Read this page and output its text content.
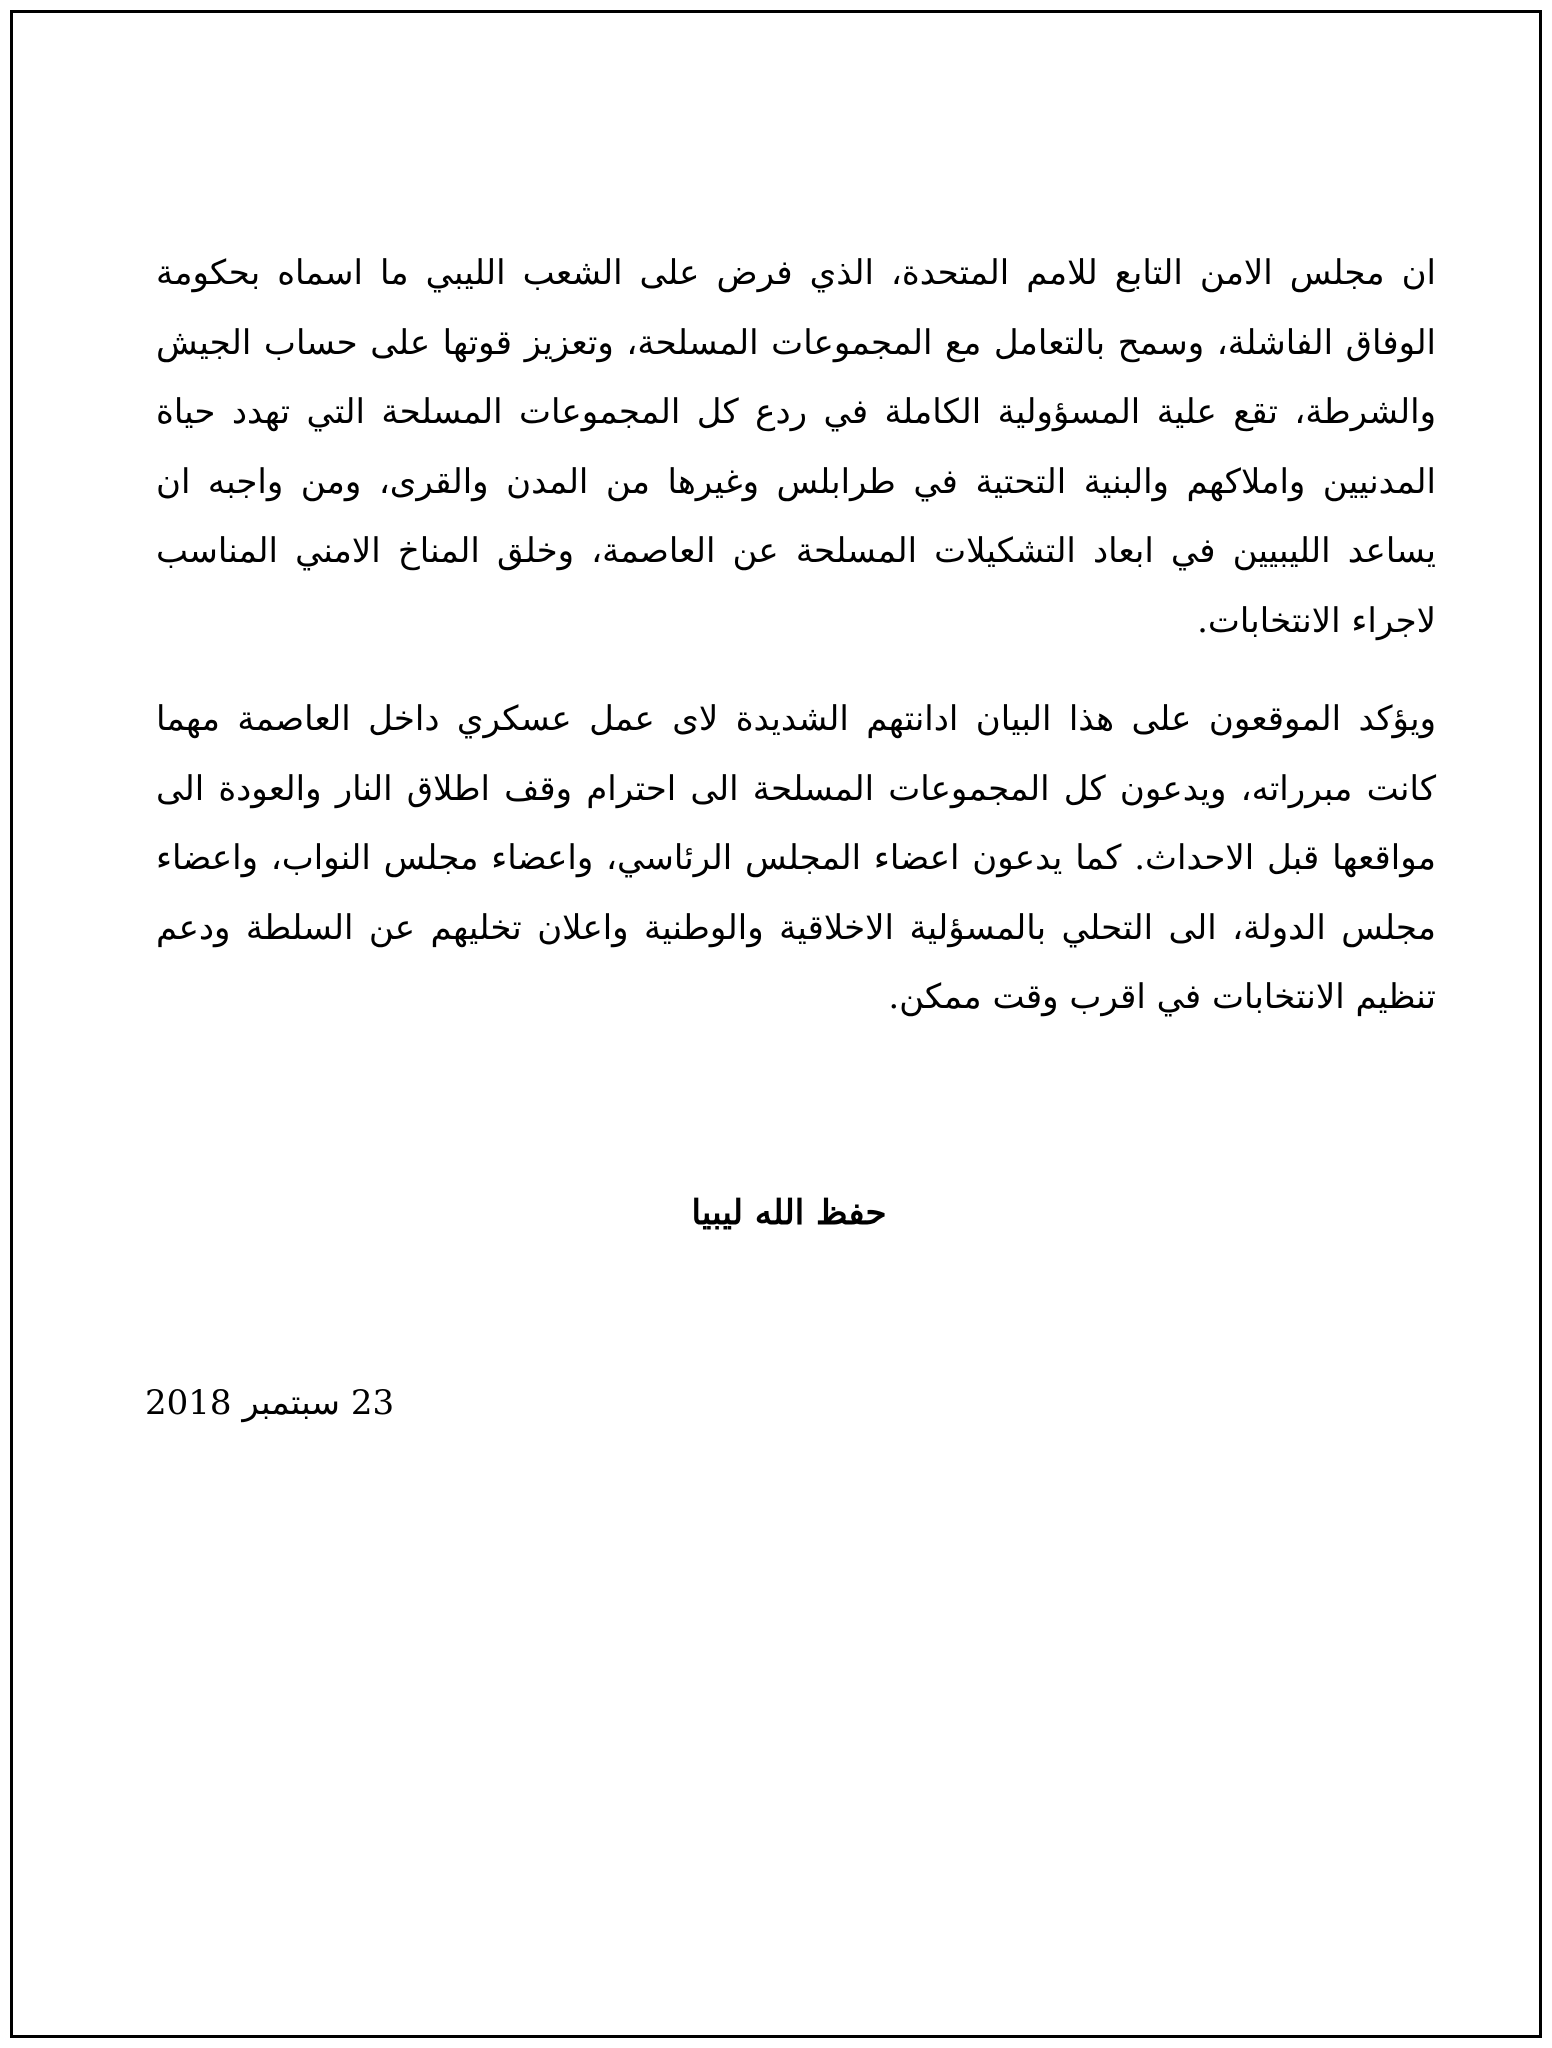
ان مجلس الامن التابع للامم المتحدة، الذي فرض على الشعب الليبي ما اسماه بحكومة الوفاق الفاشلة، وسمح بالتعامل مع المجموعات المسلحة، وتعزيز قوتها على حساب الجيش والشرطة، تقع علية المسؤولية الكاملة في ردع كل المجموعات المسلحة التي تهدد حياة المدنيين واملاكهم والبنية التحتية في طرابلس وغيرها من المدن والقرى، ومن واجبه ان يساعد الليبيين في ابعاد التشكيلات المسلحة عن العاصمة، وخلق المناخ الامني المناسب لاجراء الانتخابات.

ويؤكد الموقعون على هذا البيان ادانتهم الشديدة لاى عمل عسكري داخل العاصمة مهما كانت مبرراته، ويدعون كل المجموعات المسلحة الى احترام وقف اطلاق النار والعودة الى مواقعها قبل الاحداث. كما يدعون اعضاء المجلس الرئاسي، واعضاء مجلس النواب، واعضاء مجلس الدولة، الى التحلي بالمسؤلية الاخلاقية والوطنية واعلان تخليهم عن السلطة ودعم تنظيم الانتخابات في اقرب وقت ممكن.

حفظ الله ليبيا
23 سبتمبر 2018
